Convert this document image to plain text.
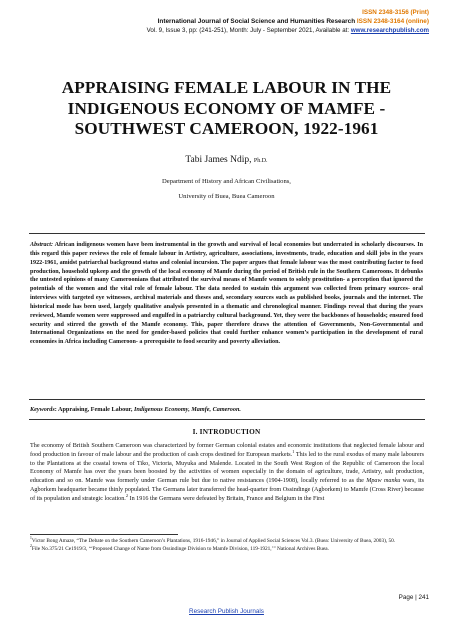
ISSN 2348-3156 (Print)
International Journal of Social Science and Humanities Research ISSN 2348-3164 (online)
Vol. 9, Issue 3, pp: (241-251), Month: July - September 2021, Available at: www.researchpublish.com
APPRAISING FEMALE LABOUR IN THE INDIGENOUS ECONOMY OF MAMFE - SOUTHWEST CAMEROON, 1922-1961
Tabi James Ndip, Ph.D.
Department of History and African Civilisations,
University of Buea, Buea Cameroon
Abstract: African indigenous women have been instrumental in the growth and survival of local economies but underrated in scholarly discourses. In this regard this paper reviews the role of female labour in Artistry, agriculture, associations, investments, trade, education and skill jobs in the years 1922-1961, amidst patriarchal background status and colonial incursion. The paper argues that female labour was the most contributing factor to food production, household upkeep and the growth of the local economy of Mamfe during the period of British rule in the Southern Cameroons. It debunks the untested opinions of many Cameroonians that attributed the survival means of Mamfe women to solely prostitution- a perception that ignored the potentials of the women and the vital role of female labour. The data needed to sustain this argument was collected from primary sources- oral interviews with targeted eye witnesses, archival materials and theses and, secondary sources such as published books, journals and the internet. The historical mode has been used, largely qualitative analysis presented in a thematic and chronological manner. Findings reveal that during the years reviewed, Mamfe women were suppressed and engulfed in a patriarchy cultural background. Yet, they were the backbones of households; ensured food security and stirred the growth of the Mamfe economy. This, paper therefore draws the attention of Governments, Non-Governmental and International Organizations on the need for gender-based policies that could further enhance women’s participation in the development of rural economies in Africa including Cameroon- a prerequisite to food security and poverty alleviation.
Keywords: Appraising, Female Labour, Indigenous Economy, Mamfe, Cameroon.
I. INTRODUCTION
The economy of British Southern Cameroon was characterized by former German colonial estates and economic institutions that neglected female labour and food production in favour of male labour and the production of cash crops destined for European markets.$^1$ This led to the rural exodus of many male labourers to the Plantations at the coastal towns of Tiko, Victoria, Muyuka and Malende. Located in the South West Region of the Republic of Cameroon the local Economy of Mamfe has over the years been boosted by the activities of women especially in the domain of agriculture, trade, Artistry, salt production, education and so on. Mamfe was formerly under German rule but due to native resistances (1904-1908), locally referred to as the Mpaw manku wars, its Agborkem headquarter became thinly populated. The Germans later transferred the head-quarter from Ossindinge (Agborkem) to Mamfe (Cross River) because of its population and strategic location.$^2$ In 1916 the Germans were defeated by Britain, France and Belgium in the First

$^1$Victor Bong Amaze, “The Debate on the Southern Cameroon’s Plantations, 1916-1946,” in Journal of Applied Social Sciences Vol.3. (Buea: University of Buea, 2003), 50.

$^2$File No.375/21 Ce1919/3, ‘“Proposed Change of Name from Ossindinge Division to Mamfe Division, 119-1921,’” National Archives Buea.

Page | 241
Research Publish Journals
